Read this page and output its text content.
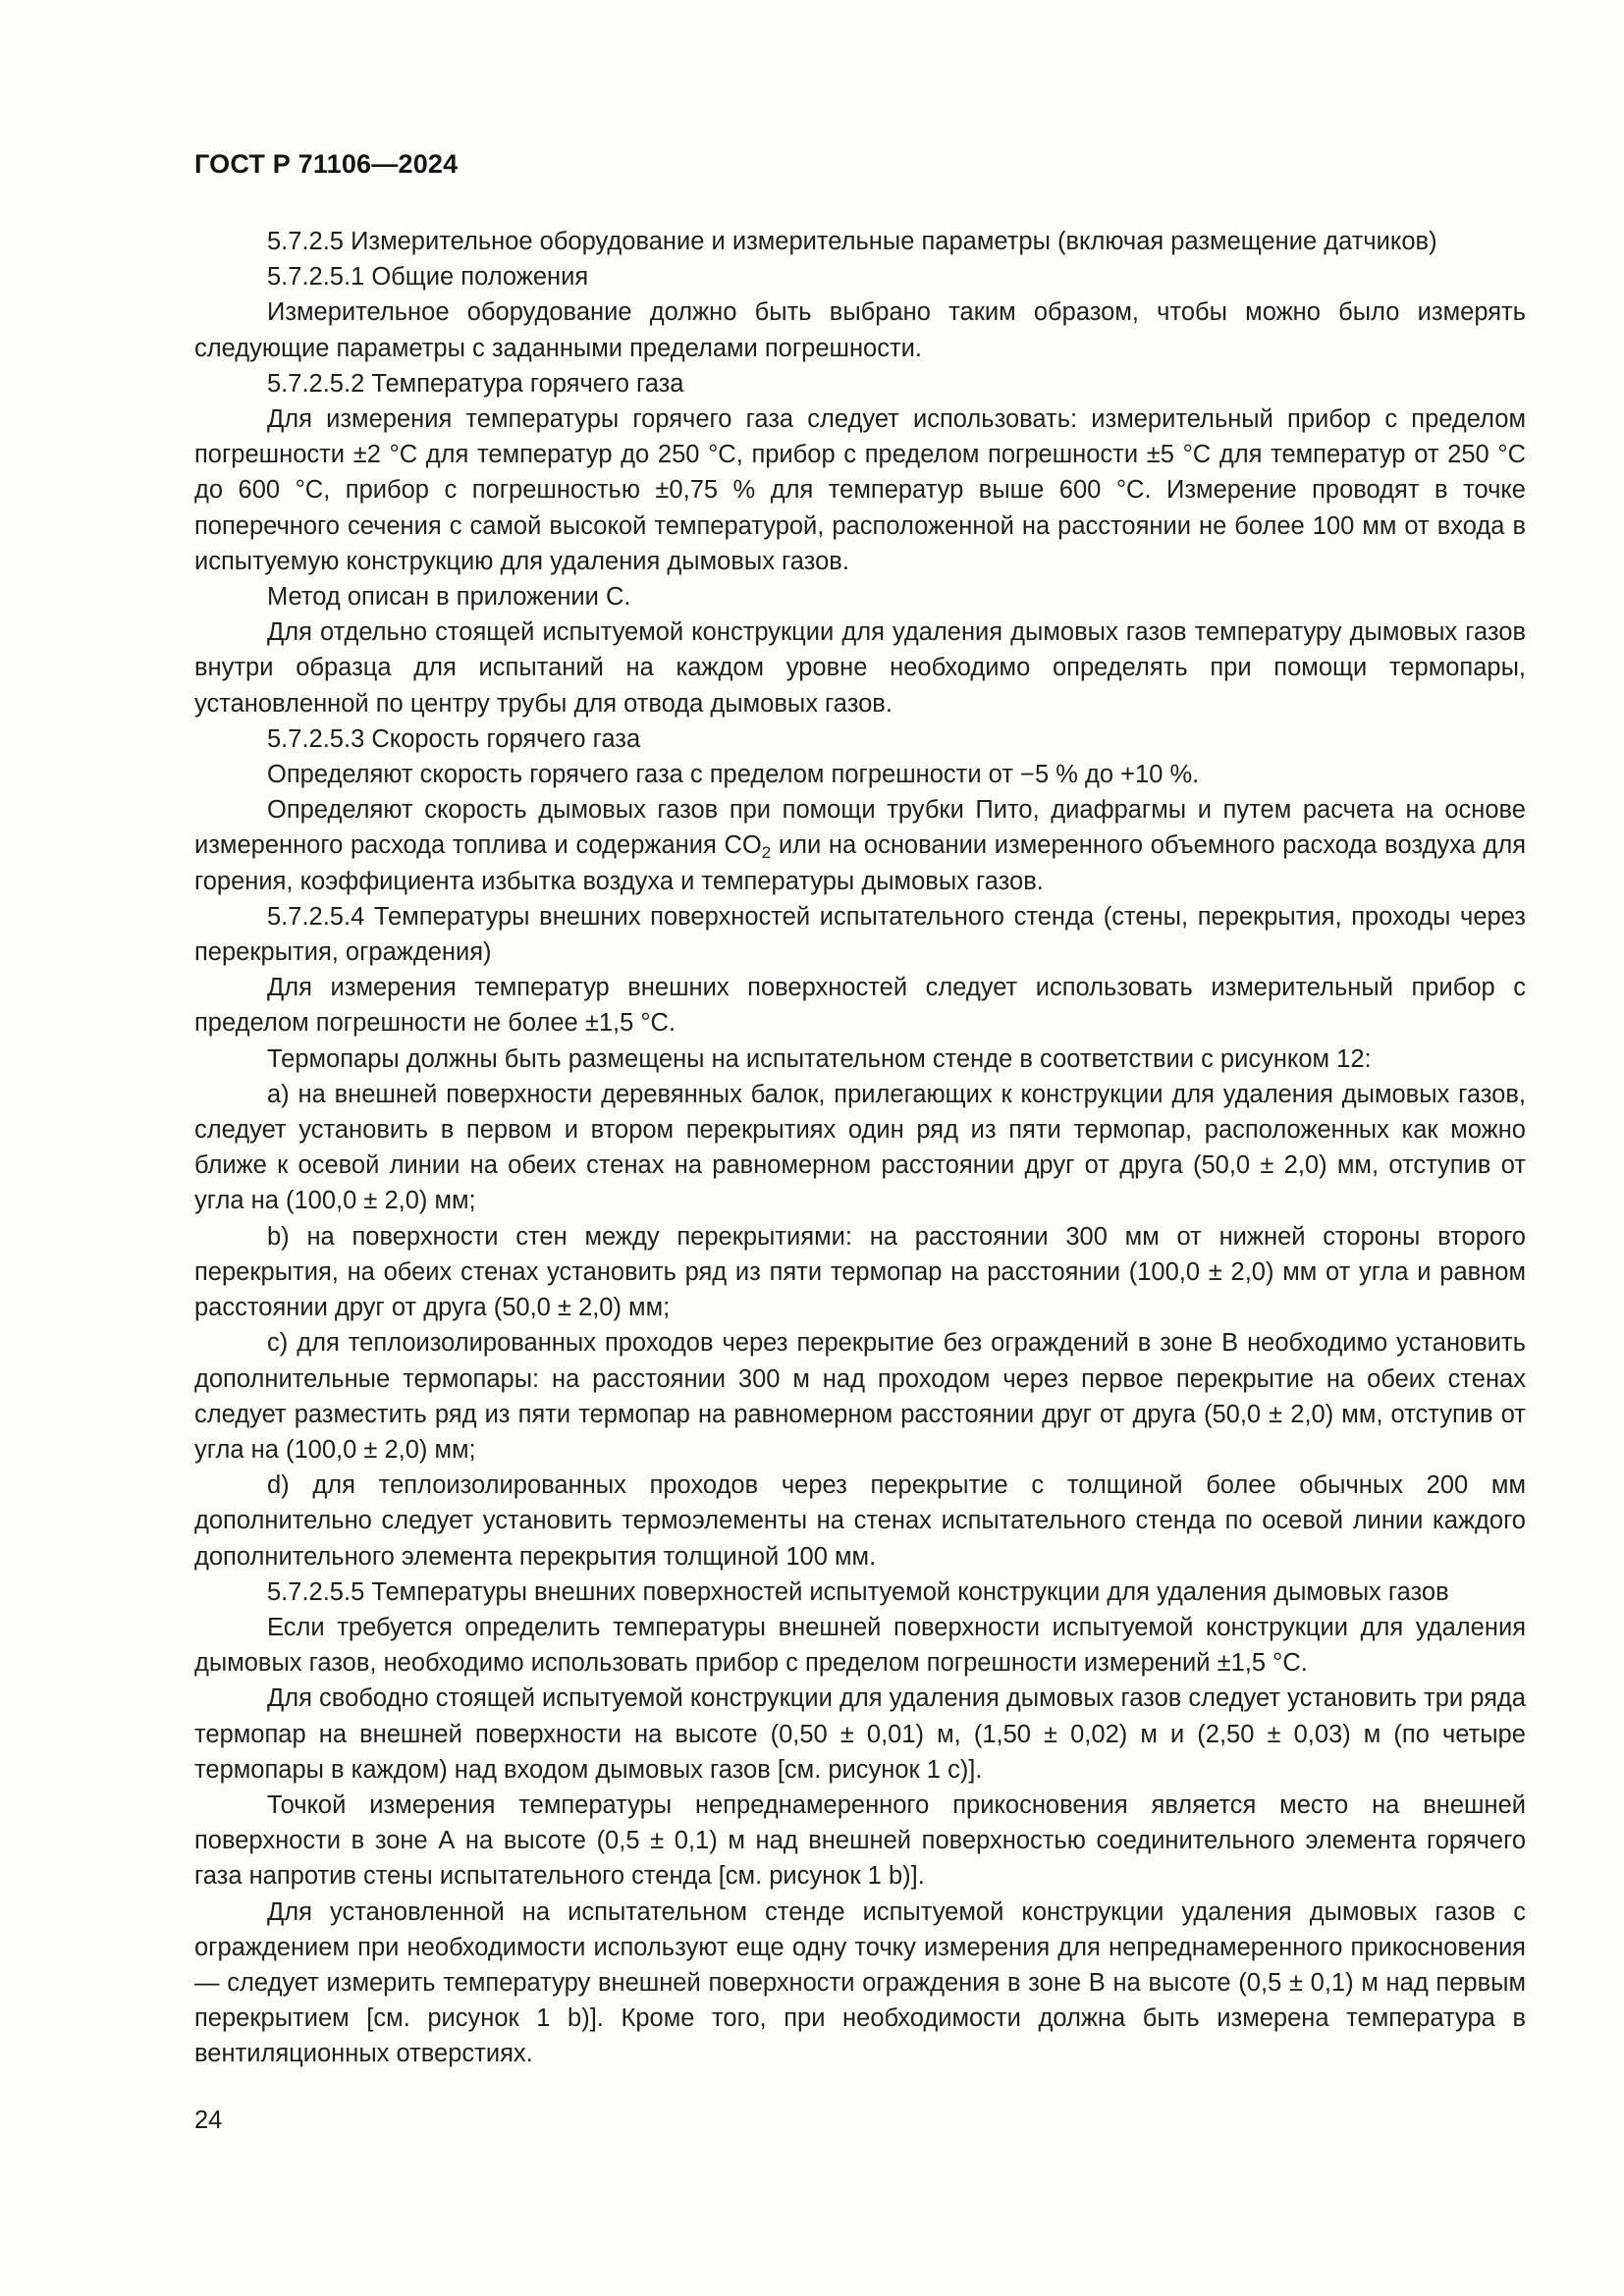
ГОСТ Р 71106—2024

5.7.2.5 Измерительное оборудование и измерительные параметры (включая размещение датчиков)

5.7.2.5.1 Общие положения

Измерительное оборудование должно быть выбрано таким образом, чтобы можно было измерять следующие параметры с заданными пределами погрешности.

5.7.2.5.2 Температура горячего газа

Для измерения температуры горячего газа следует использовать: измерительный прибор с пределом погрешности ±2 °С для температур до 250 °С, прибор с пределом погрешности ±5 °С для температур от 250 °С до 600 °С, прибор с погрешностью ±0,75 % для температур выше 600 °С. Измерение проводят в точке поперечного сечения с самой высокой температурой, расположенной на расстоянии не более 100 мм от входа в испытуемую конструкцию для удаления дымовых газов.

Метод описан в приложении С.

Для отдельно стоящей испытуемой конструкции для удаления дымовых газов температуру дымовых газов внутри образца для испытаний на каждом уровне необходимо определять при помощи термопары, установленной по центру трубы для отвода дымовых газов.

5.7.2.5.3 Скорость горячего газа

Определяют скорость горячего газа с пределом погрешности от −5 % до +10 %.

Определяют скорость дымовых газов при помощи трубки Пито, диафрагмы и путем расчета на основе измеренного расхода топлива и содержания $CO_2$ или на основании измеренного объемного расхода воздуха для горения, коэффициента избытка воздуха и температуры дымовых газов.

5.7.2.5.4 Температуры внешних поверхностей испытательного стенда (стены, перекрытия, проходы через перекрытия, ограждения)

Для измерения температур внешних поверхностей следует использовать измерительный прибор с пределом погрешности не более ±1,5 °С.

Термопары должны быть размещены на испытательном стенде в соответствии с рисунком 12:

а) на внешней поверхности деревянных балок, прилегающих к конструкции для удаления дымовых газов, следует установить в первом и втором перекрытиях один ряд из пяти термопар, расположенных как можно ближе к осевой линии на обеих стенах на равномерном расстоянии друг от друга (50,0 ± 2,0) мм, отступив от угла на (100,0 ± 2,0) мм;

b) на поверхности стен между перекрытиями: на расстоянии 300 мм от нижней стороны второго перекрытия, на обеих стенах установить ряд из пяти термопар на расстоянии (100,0 ± 2,0) мм от угла и равном расстоянии друг от друга (50,0 ± 2,0) мм;

c) для теплоизолированных проходов через перекрытие без ограждений в зоне B необходимо установить дополнительные термопары: на расстоянии 300 м над проходом через первое перекрытие на обеих стенах следует разместить ряд из пяти термопар на равномерном расстоянии друг от друга (50,0 ± 2,0) мм, отступив от угла на (100,0 ± 2,0) мм;

d) для теплоизолированных проходов через перекрытие с толщиной более обычных 200 мм дополнительно следует установить термоэлементы на стенах испытательного стенда по осевой линии каждого дополнительного элемента перекрытия толщиной 100 мм.

5.7.2.5.5 Температуры внешних поверхностей испытуемой конструкции для удаления дымовых газов

Если требуется определить температуры внешней поверхности испытуемой конструкции для удаления дымовых газов, необходимо использовать прибор с пределом погрешности измерений ±1,5 °С.

Для свободно стоящей испытуемой конструкции для удаления дымовых газов следует установить три ряда термопар на внешней поверхности на высоте (0,50 ± 0,01) м, (1,50 ± 0,02) м и (2,50 ± 0,03) м (по четыре термопары в каждом) над входом дымовых газов [см. рисунок 1 c)].

Точкой измерения температуры непреднамеренного прикосновения является место на внешней поверхности в зоне А на высоте (0,5 ± 0,1) м над внешней поверхностью соединительного элемента горячего газа напротив стены испытательного стенда [см. рисунок 1 b)].

Для установленной на испытательном стенде испытуемой конструкции удаления дымовых газов с ограждением при необходимости используют еще одну точку измерения для непреднамеренного прикосновения — следует измерить температуру внешней поверхности ограждения в зоне В на высоте (0,5 ± 0,1) м над первым перекрытием [см. рисунок 1 b)]. Кроме того, при необходимости должна быть измерена температура в вентиляционных отверстиях.

24
